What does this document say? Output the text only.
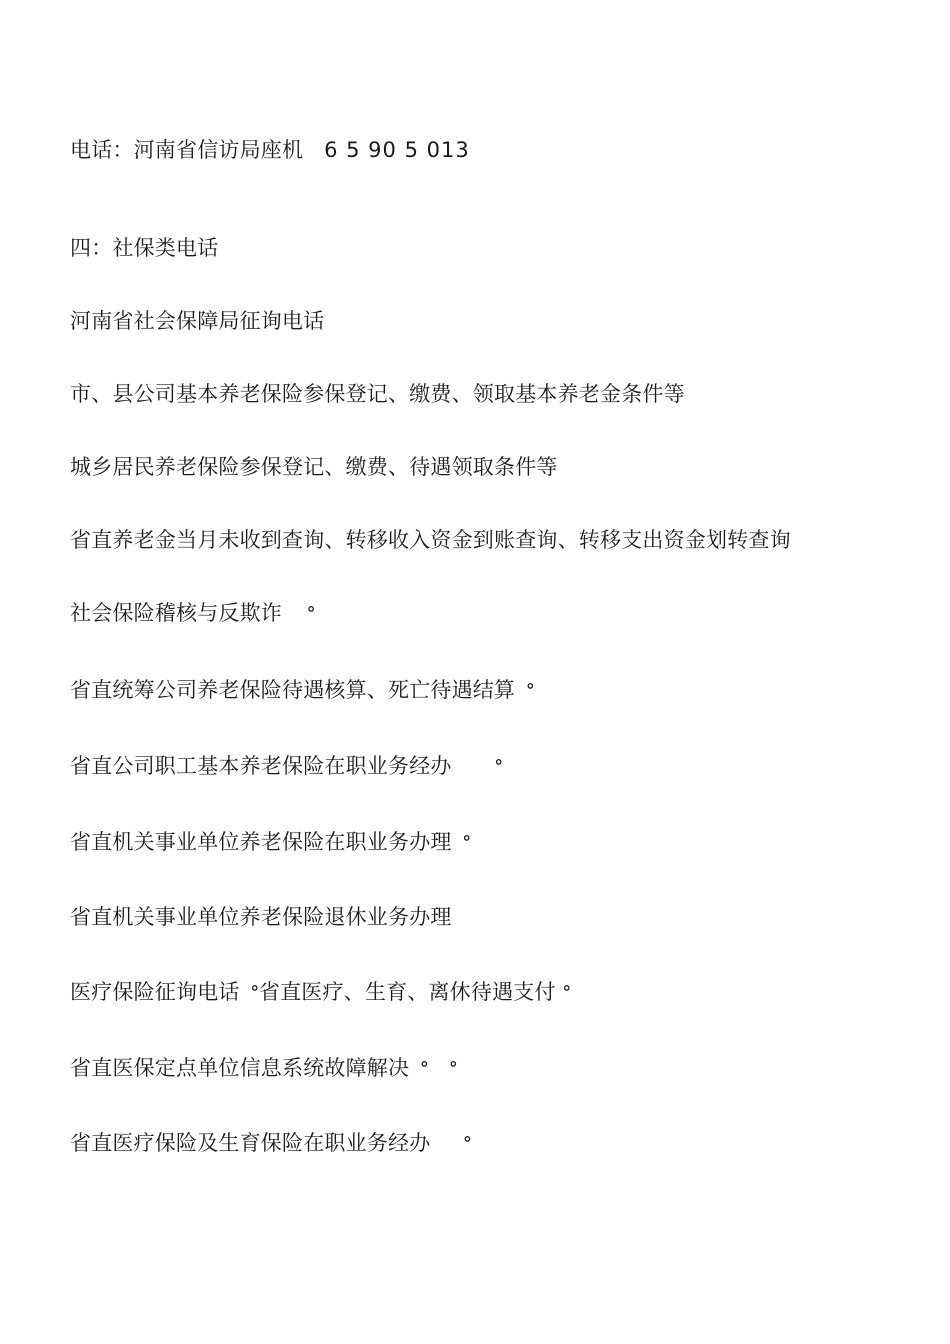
电话：河南省信访局座机 6 5 90 5 013
四：社保类电话
河南省社会保障局征询电话
市、县公司基本养老保险参保登记、缴费、领取基本养老金条件等
城乡居民养老保险参保登记、缴费、待遇领取条件等
省直养老金当月未收到查询、转移收入资金到账查询、转移支出资金划转查询
社会保险稽核与反欺诈 ᐤ
省直统筹公司养老保险待遇核算、死亡待遇结算 ᐤ
省直公司职工基本养老保险在职业务经办 ᐤ
省直机关事业单位养老保险在职业务办理 ᐤ
省直机关事业单位养老保险退休业务办理
医疗保险征询电话 ᐤ省直医疗、生育、离休待遇支付 ᐤ
省直医保定点单位信息系统故障解决 ᐤ   ᐤ
省直医疗保险及生育保险在职业务经办 ᐤ
